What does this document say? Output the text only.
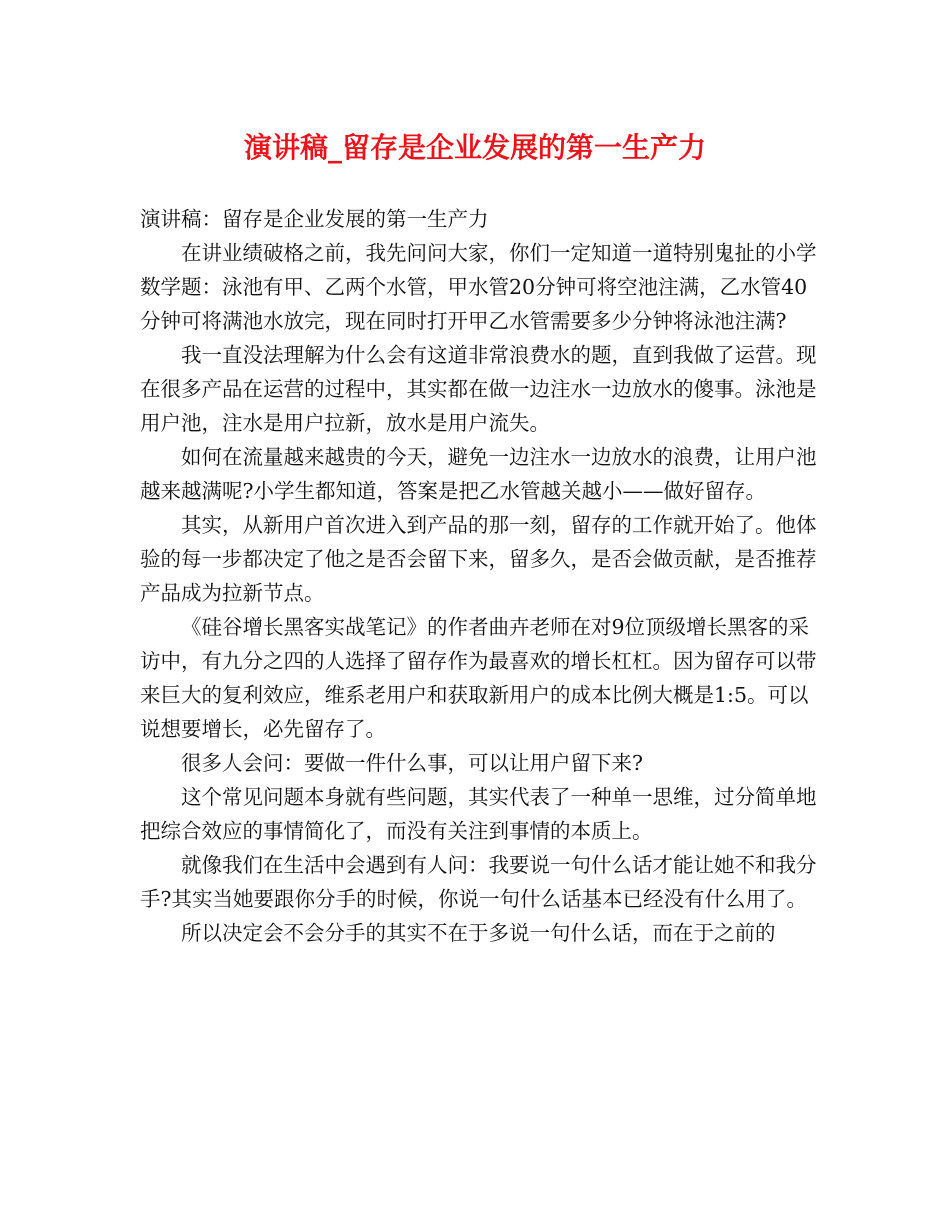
演讲稿_留存是企业发展的第一生产力

演讲稿：留存是企业发展的第一生产力

在讲业绩破格之前，我先问问大家，你们一定知道一道特别鬼扯的小学数学题：泳池有甲、乙两个水管，甲水管20分钟可将空池注满，乙水管40分钟可将满池水放完，现在同时打开甲乙水管需要多少分钟将泳池注满?

我一直没法理解为什么会有这道非常浪费水的题，直到我做了运营。现在很多产品在运营的过程中，其实都在做一边注水一边放水的傻事。泳池是用户池，注水是用户拉新，放水是用户流失。

如何在流量越来越贵的今天，避免一边注水一边放水的浪费，让用户池越来越满呢?小学生都知道，答案是把乙水管越关越小——做好留存。

其实，从新用户首次进入到产品的那一刻，留存的工作就开始了。他体验的每一步都决定了他之是否会留下来，留多久，是否会做贡献，是否推荐产品成为拉新节点。

《硅谷增长黑客实战笔记》的作者曲卉老师在对9位顶级增长黑客的采访中，有九分之四的人选择了留存作为最喜欢的增长杠杠。因为留存可以带来巨大的复利效应，维系老用户和获取新用户的成本比例大概是1:5。可以说想要增长，必先留存了。

很多人会问：要做一件什么事，可以让用户留下来?

这个常见问题本身就有些问题，其实代表了一种单一思维，过分简单地把综合效应的事情简化了，而没有关注到事情的本质上。

就像我们在生活中会遇到有人问：我要说一句什么话才能让她不和我分手?其实当她要跟你分手的时候，你说一句什么话基本已经没有什么用了。

所以决定会不会分手的其实不在于多说一句什么话，而在于之前的
